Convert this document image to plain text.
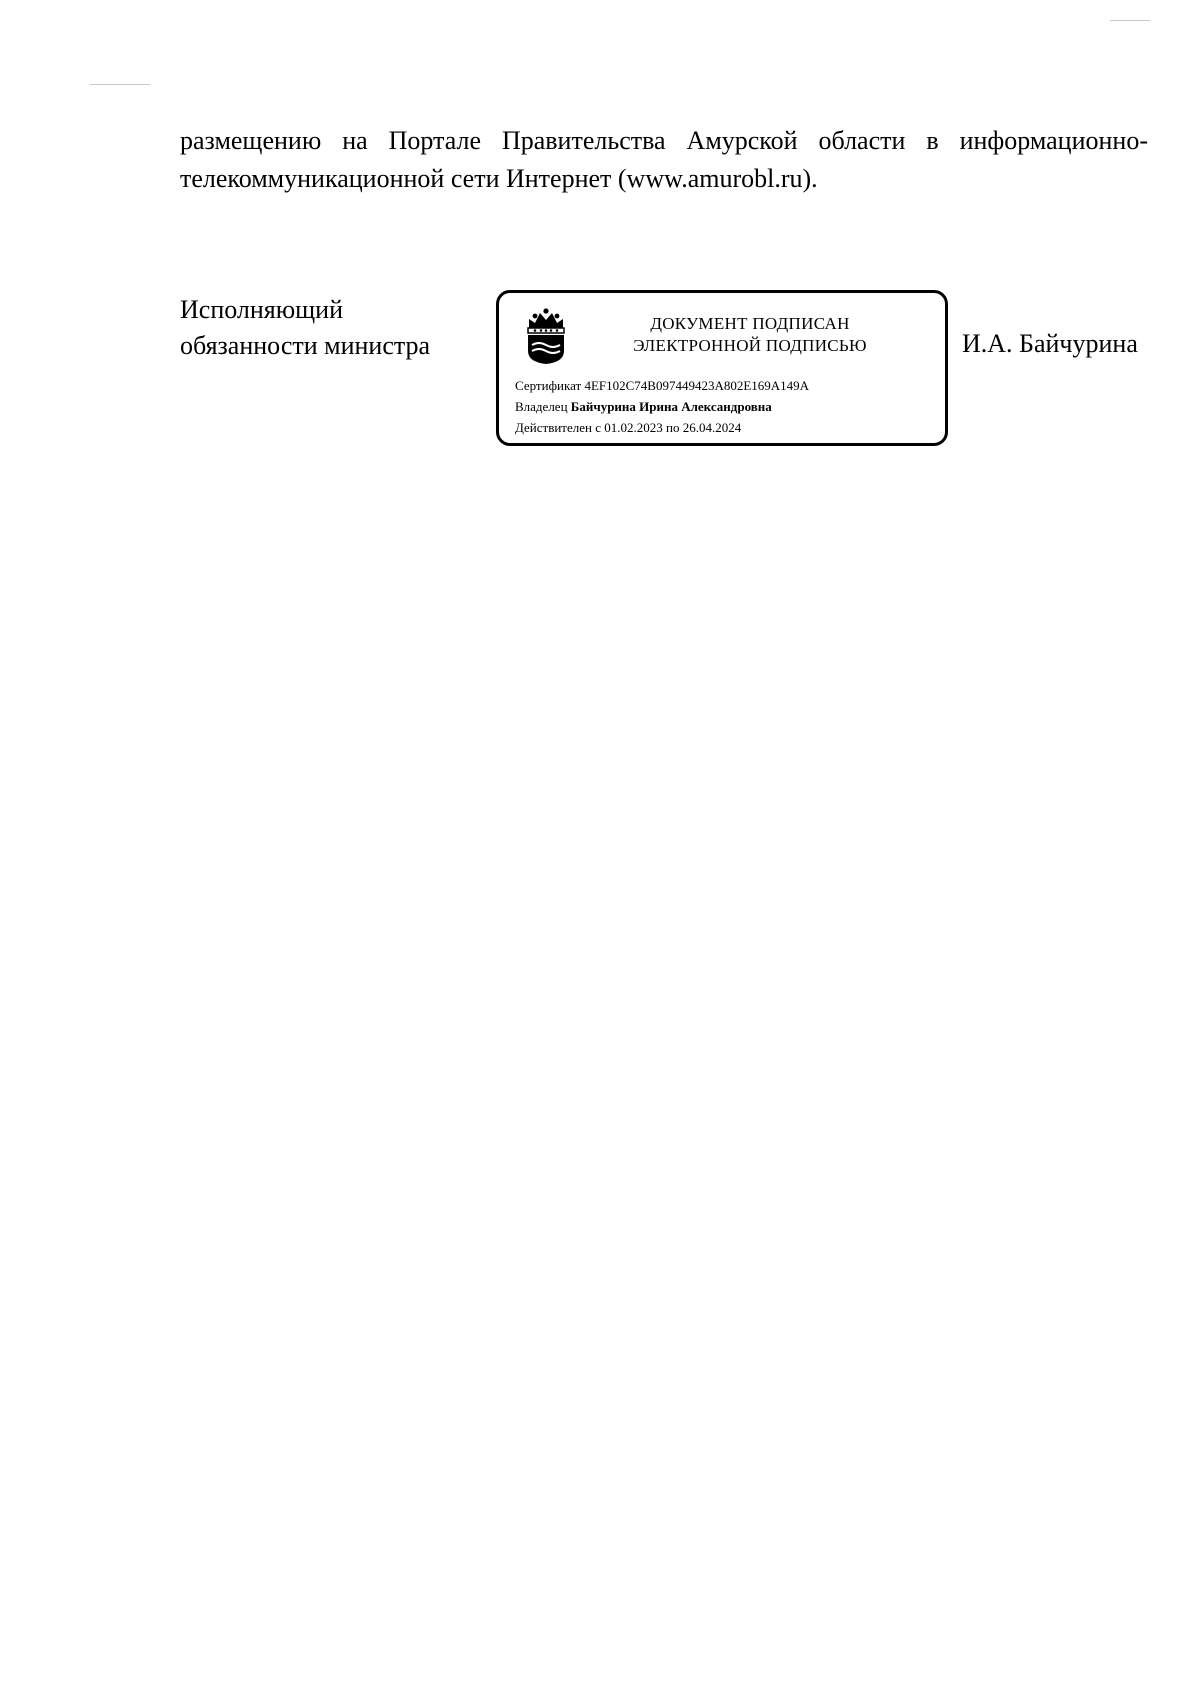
размещению на Портале Правительства Амурской области в информационно-
телекоммуникационной сети Интернет (www.amurobl.ru).
Исполняющий
обязанности министра
ДОКУМЕНТ ПОДПИСАН
ЭЛЕКТРОННОЙ ПОДПИСЬЮ
Сертификат 4EF102C74B097449423A802E169A149A
Владелец Байчурина Ирина Александровна
Действителен с 01.02.2023 по 26.04.2024
И.А. Байчурина
